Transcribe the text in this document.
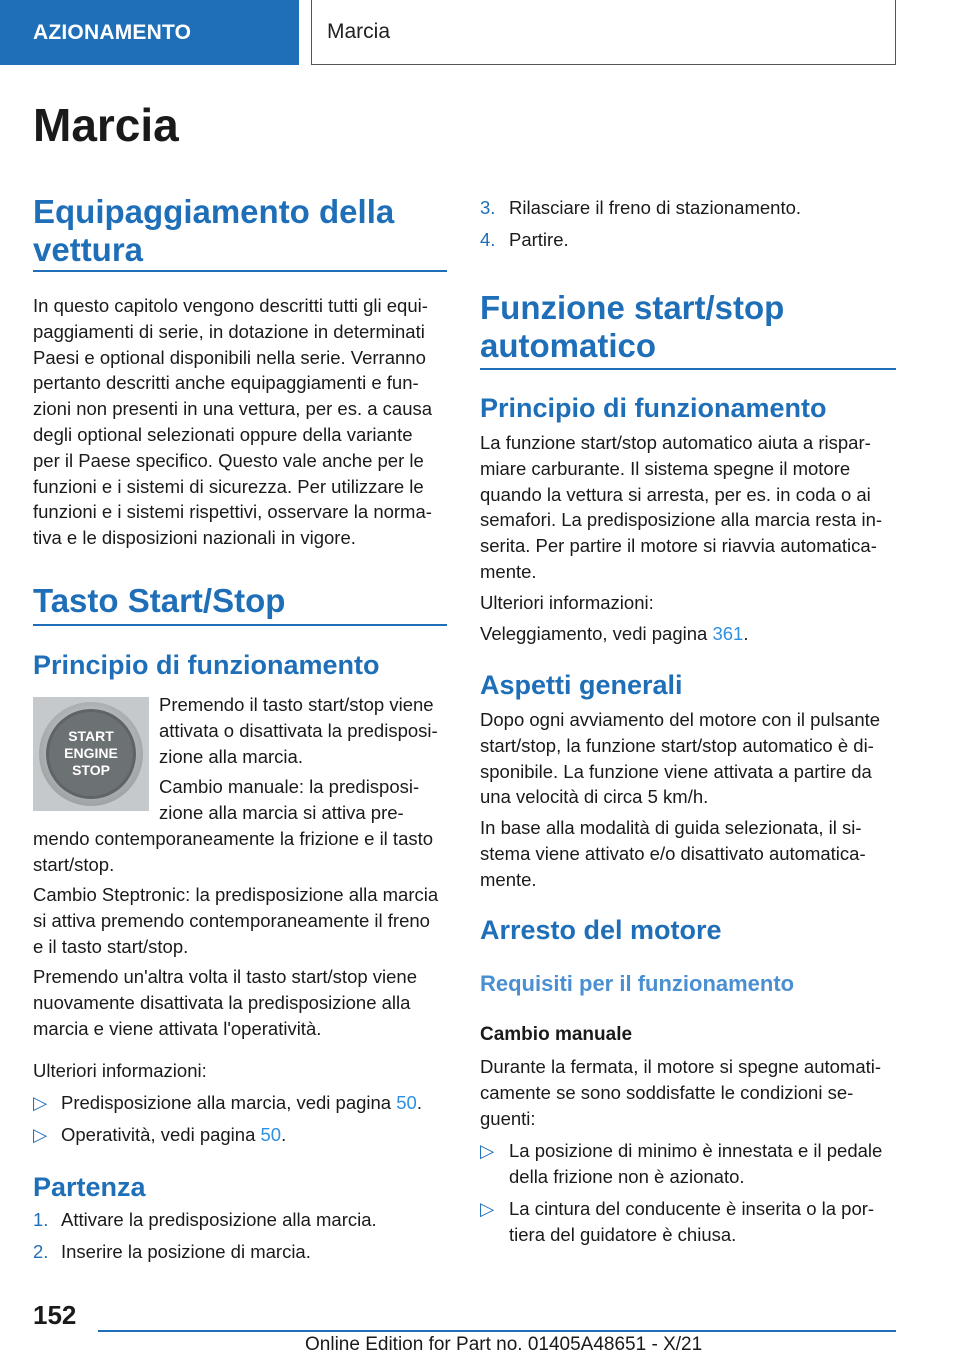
AZIONAMENTO	Marcia
Marcia
Equipaggiamento della vettura
In questo capitolo vengono descritti tutti gli equi-
paggiamenti di serie, in dotazione in determinati
Paesi e optional disponibili nella serie. Verranno
pertanto descritti anche equipaggiamenti e fun-
zioni non presenti in una vettura, per es. a causa
degli optional selezionati oppure della variante
per il Paese specifico. Questo vale anche per le
funzioni e i sistemi di sicurezza. Per utilizzare le
funzioni e i sistemi rispettivi, osservare la norma-
tiva e le disposizioni nazionali in vigore.
Tasto Start/Stop
Principio di funzionamento
START
ENGINE
STOP
Premendo il tasto start/stop viene
attivata o disattivata la predisposi-
zione alla marcia.
Cambio manuale: la predisposi-
zione alla marcia si attiva pre-
mendo contemporaneamente la frizione e il tasto
start/stop.
Cambio Steptronic: la predisposizione alla marcia
si attiva premendo contemporaneamente il freno
e il tasto start/stop.
Premendo un'altra volta il tasto start/stop viene
nuovamente disattivata la predisposizione alla
marcia e viene attivata l'operatività.
Ulteriori informazioni:
▷ Predisposizione alla marcia, vedi pagina 50.
▷ Operatività, vedi pagina 50.
Partenza
1. Attivare la predisposizione alla marcia.
2. Inserire la posizione di marcia.
3. Rilasciare il freno di stazionamento.
4. Partire.
Funzione start/stop automatico
Principio di funzionamento
La funzione start/stop automatico aiuta a rispar-
miare carburante. Il sistema spegne il motore
quando la vettura si arresta, per es. in coda o ai
semafori. La predisposizione alla marcia resta in-
serita. Per partire il motore si riavvia automatica-
mente.
Ulteriori informazioni:
Veleggiamento, vedi pagina 361.
Aspetti generali
Dopo ogni avviamento del motore con il pulsante
start/stop, la funzione start/stop automatico è di-
sponibile. La funzione viene attivata a partire da
una velocità di circa 5 km/h.
In base alla modalità di guida selezionata, il si-
stema viene attivato e/o disattivato automatica-
mente.
Arresto del motore
Requisiti per il funzionamento
Cambio manuale
Durante la fermata, il motore si spegne automati-
camente se sono soddisfatte le condizioni se-
guenti:
▷ La posizione di minimo è innestata e il pedale
della frizione non è azionato.
▷ La cintura del conducente è inserita o la por-
tiera del guidatore è chiusa.
152
Online Edition for Part no. 01405A48651 - X/21
